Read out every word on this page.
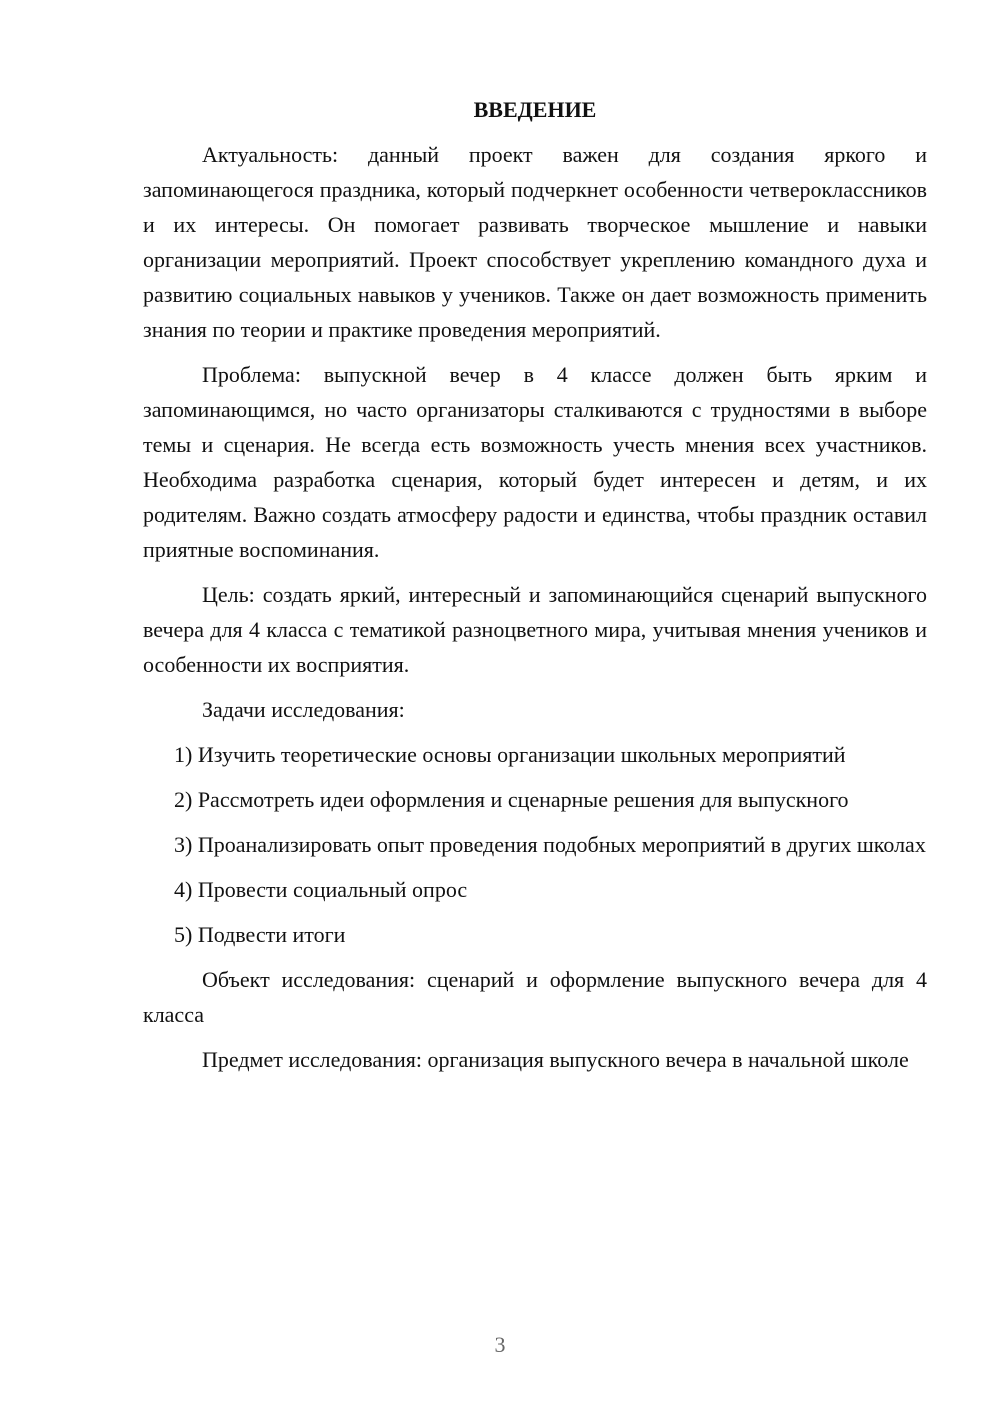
ВВЕДЕНИЕ

Актуальность: данный проект важен для создания яркого и запоминающегося праздника, который подчеркнет особенности четвероклассников и их интересы. Он помогает развивать творческое мышление и навыки организации мероприятий. Проект способствует укреплению командного духа и развитию социальных навыков у учеников. Также он дает возможность применить знания по теории и практике проведения мероприятий.

Проблема: выпускной вечер в 4 классе должен быть ярким и запоминающимся, но часто организаторы сталкиваются с трудностями в выборе темы и сценария. Не всегда есть возможность учесть мнения всех участников. Необходима разработка сценария, который будет интересен и детям, и их родителям. Важно создать атмосферу радости и единства, чтобы праздник оставил приятные воспоминания.

Цель: создать яркий, интересный и запоминающийся сценарий выпускного вечера для 4 класса с тематикой разноцветного мира, учитывая мнения учеников и особенности их восприятия.

Задачи исследования:

1) Изучить теоретические основы организации школьных мероприятий

2) Рассмотреть идеи оформления и сценарные решения для выпускного

3) Проанализировать опыт проведения подобных мероприятий в других школах

4) Провести социальный опрос

5) Подвести итоги

Объект исследования: сценарий и оформление выпускного вечера для 4 класса

Предмет исследования: организация выпускного вечера в начальной школе

3
